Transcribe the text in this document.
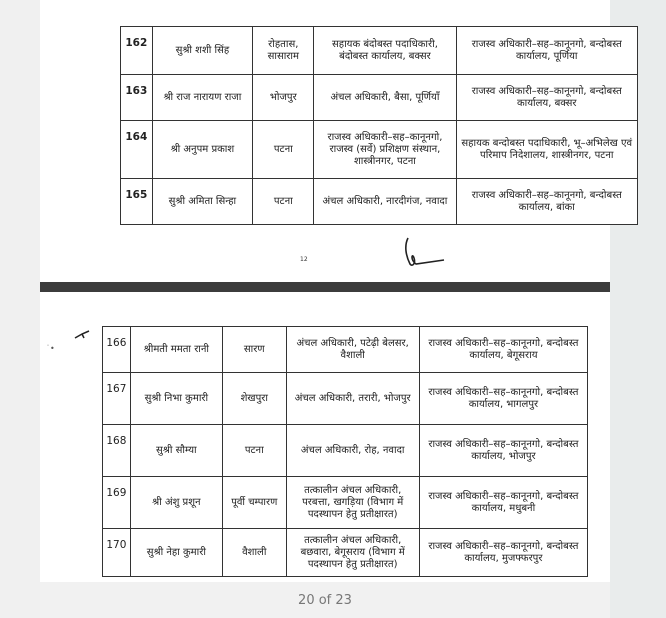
162	सुश्री शशी सिंह	रोहतास, सासाराम	सहायक बंदोबस्त पदाधिकारी, बंदोबस्त कार्यालय, बक्सर	राजस्व अधिकारी–सह–कानूनगो, बन्दोबस्त कार्यालय, पूर्णिया
163	श्री राज नारायण राजा	भोजपुर	अंचल अधिकारी, बैसा, पूर्णियाँ	राजस्व अधिकारी–सह–कानूनगो, बन्दोबस्त कार्यालय, बक्सर
164	श्री अनुपम प्रकाश	पटना	राजस्व अधिकारी–सह–कानूनगो, राजस्व (सर्वे) प्रशिक्षण संस्थान, शास्त्रीनगर, पटना	सहायक बन्दोबस्त पदाधिकारी, भू–अभिलेख एवं परिमाप निदेशालय, शास्त्रीनगर, पटना
165	सुश्री अमिता सिन्हा	पटना	अंचल अधिकारी, नारदीगंज, नवादा	राजस्व अधिकारी–सह–कानूनगो, बन्दोबस्त कार्यालय, बांका
12
166	श्रीमती ममता रानी	सारण	अंचल अधिकारी, पटेढ़ी बेलसर, वैशाली	राजस्व अधिकारी–सह–कानूनगो, बन्दोबस्त कार्यालय, बेगूसराय
167	सुश्री निभा कुमारी	शेखपुरा	अंचल अधिकारी, तरारी, भोजपुर	राजस्व अधिकारी–सह–कानूनगो, बन्दोबस्त कार्यालय, भागलपुर
168	सुश्री सौम्या	पटना	अंचल अधिकारी, रोह, नवादा	राजस्व अधिकारी–सह–कानूनगो, बन्दोबस्त कार्यालय, भोजपुर
169	श्री अंशु प्रशून	पूर्वी चम्पारण	तत्कालीन अंचल अधिकारी, परबत्ता, खगड़िया (विभाग में पदस्थापन हेतु प्रतीक्षारत)	राजस्व अधिकारी–सह–कानूनगो, बन्दोबस्त कार्यालय, मधुबनी
170	सुश्री नेहा कुमारी	वैशाली	तत्कालीन अंचल अधिकारी, बछवारा, बेगूसराय (विभाग में पदस्थापन हेतु प्रतीक्षारत)	राजस्व अधिकारी–सह–कानूनगो, बन्दोबस्त कार्यालय, मुजफ्फरपुर
˙•
20 of 23
